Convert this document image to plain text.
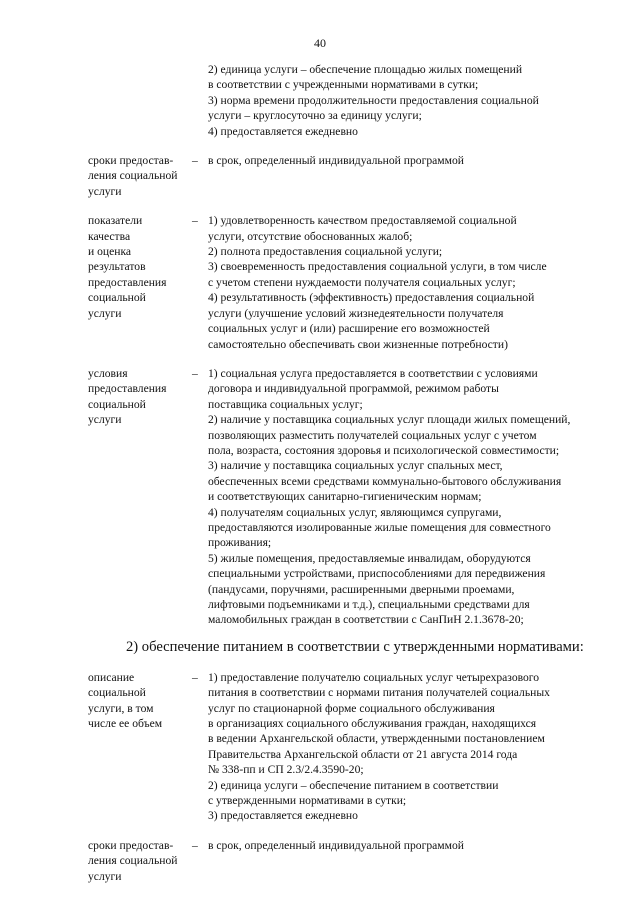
40
2) единица услуги – обеспечение площадью жилых помещений
в соответствии с учрежденными нормативами в сутки;
3) норма времени продолжительности предоставления социальной
услуги – круглосуточно за единицу услуги;
4) предоставляется ежедневно
сроки предостав-
ления социальной
услуги
– в срок, определенный индивидуальной программой
показатели
качества
и оценка
результатов
предоставления
социальной
услуги
– 1) удовлетворенность качеством предоставляемой социальной
услуги, отсутствие обоснованных жалоб;
2) полнота предоставления социальной услуги;
3) своевременность предоставления социальной услуги, в том числе
с учетом степени нуждаемости получателя социальных услуг;
4) результативность (эффективность) предоставления социальной
услуги (улучшение условий жизнедеятельности получателя
социальных услуг и (или) расширение его возможностей
самостоятельно обеспечивать свои жизненные потребности)
условия
предоставления
социальной
услуги
– 1) социальная услуга предоставляется в соответствии с условиями
договора и индивидуальной программой, режимом работы
поставщика социальных услуг;
2) наличие у поставщика социальных услуг площади жилых помещений,
позволяющих разместить получателей социальных услуг с учетом
пола, возраста, состояния здоровья и психологической совместимости;
3) наличие у поставщика социальных услуг спальных мест,
обеспеченных всеми средствами коммунально-бытового обслуживания
и соответствующих санитарно-гигиеническим нормам;
4) получателям социальных услуг, являющимся супругами,
предоставляются изолированные жилые помещения для совместного
проживания;
5) жилые помещения, предоставляемые инвалидам, оборудуются
специальными устройствами, приспособлениями для передвижения
(пандусами, поручнями, расширенными дверными проемами,
лифтовыми подъемниками и т.д.), специальными средствами для
маломобильных граждан в соответствии с СанПиН 2.1.3678-20;
2) обеспечение питанием в соответствии с утвержденными нормативами:
описание
социальной
услуги, в том
числе ее объем
– 1) предоставление получателю социальных услуг четырехразового
питания в соответствии с нормами питания получателей социальных
услуг по стационарной форме социального обслуживания
в организациях социального обслуживания граждан, находящихся
в ведении Архангельской области, утвержденными постановлением
Правительства Архангельской области от 21 августа 2014 года
№ 338-пп и СП 2.3/2.4.3590-20;
2) единица услуги – обеспечение питанием в соответствии
с утвержденными нормативами в сутки;
3) предоставляется ежедневно
сроки предостав-
ления социальной
услуги
– в срок, определенный индивидуальной программой
